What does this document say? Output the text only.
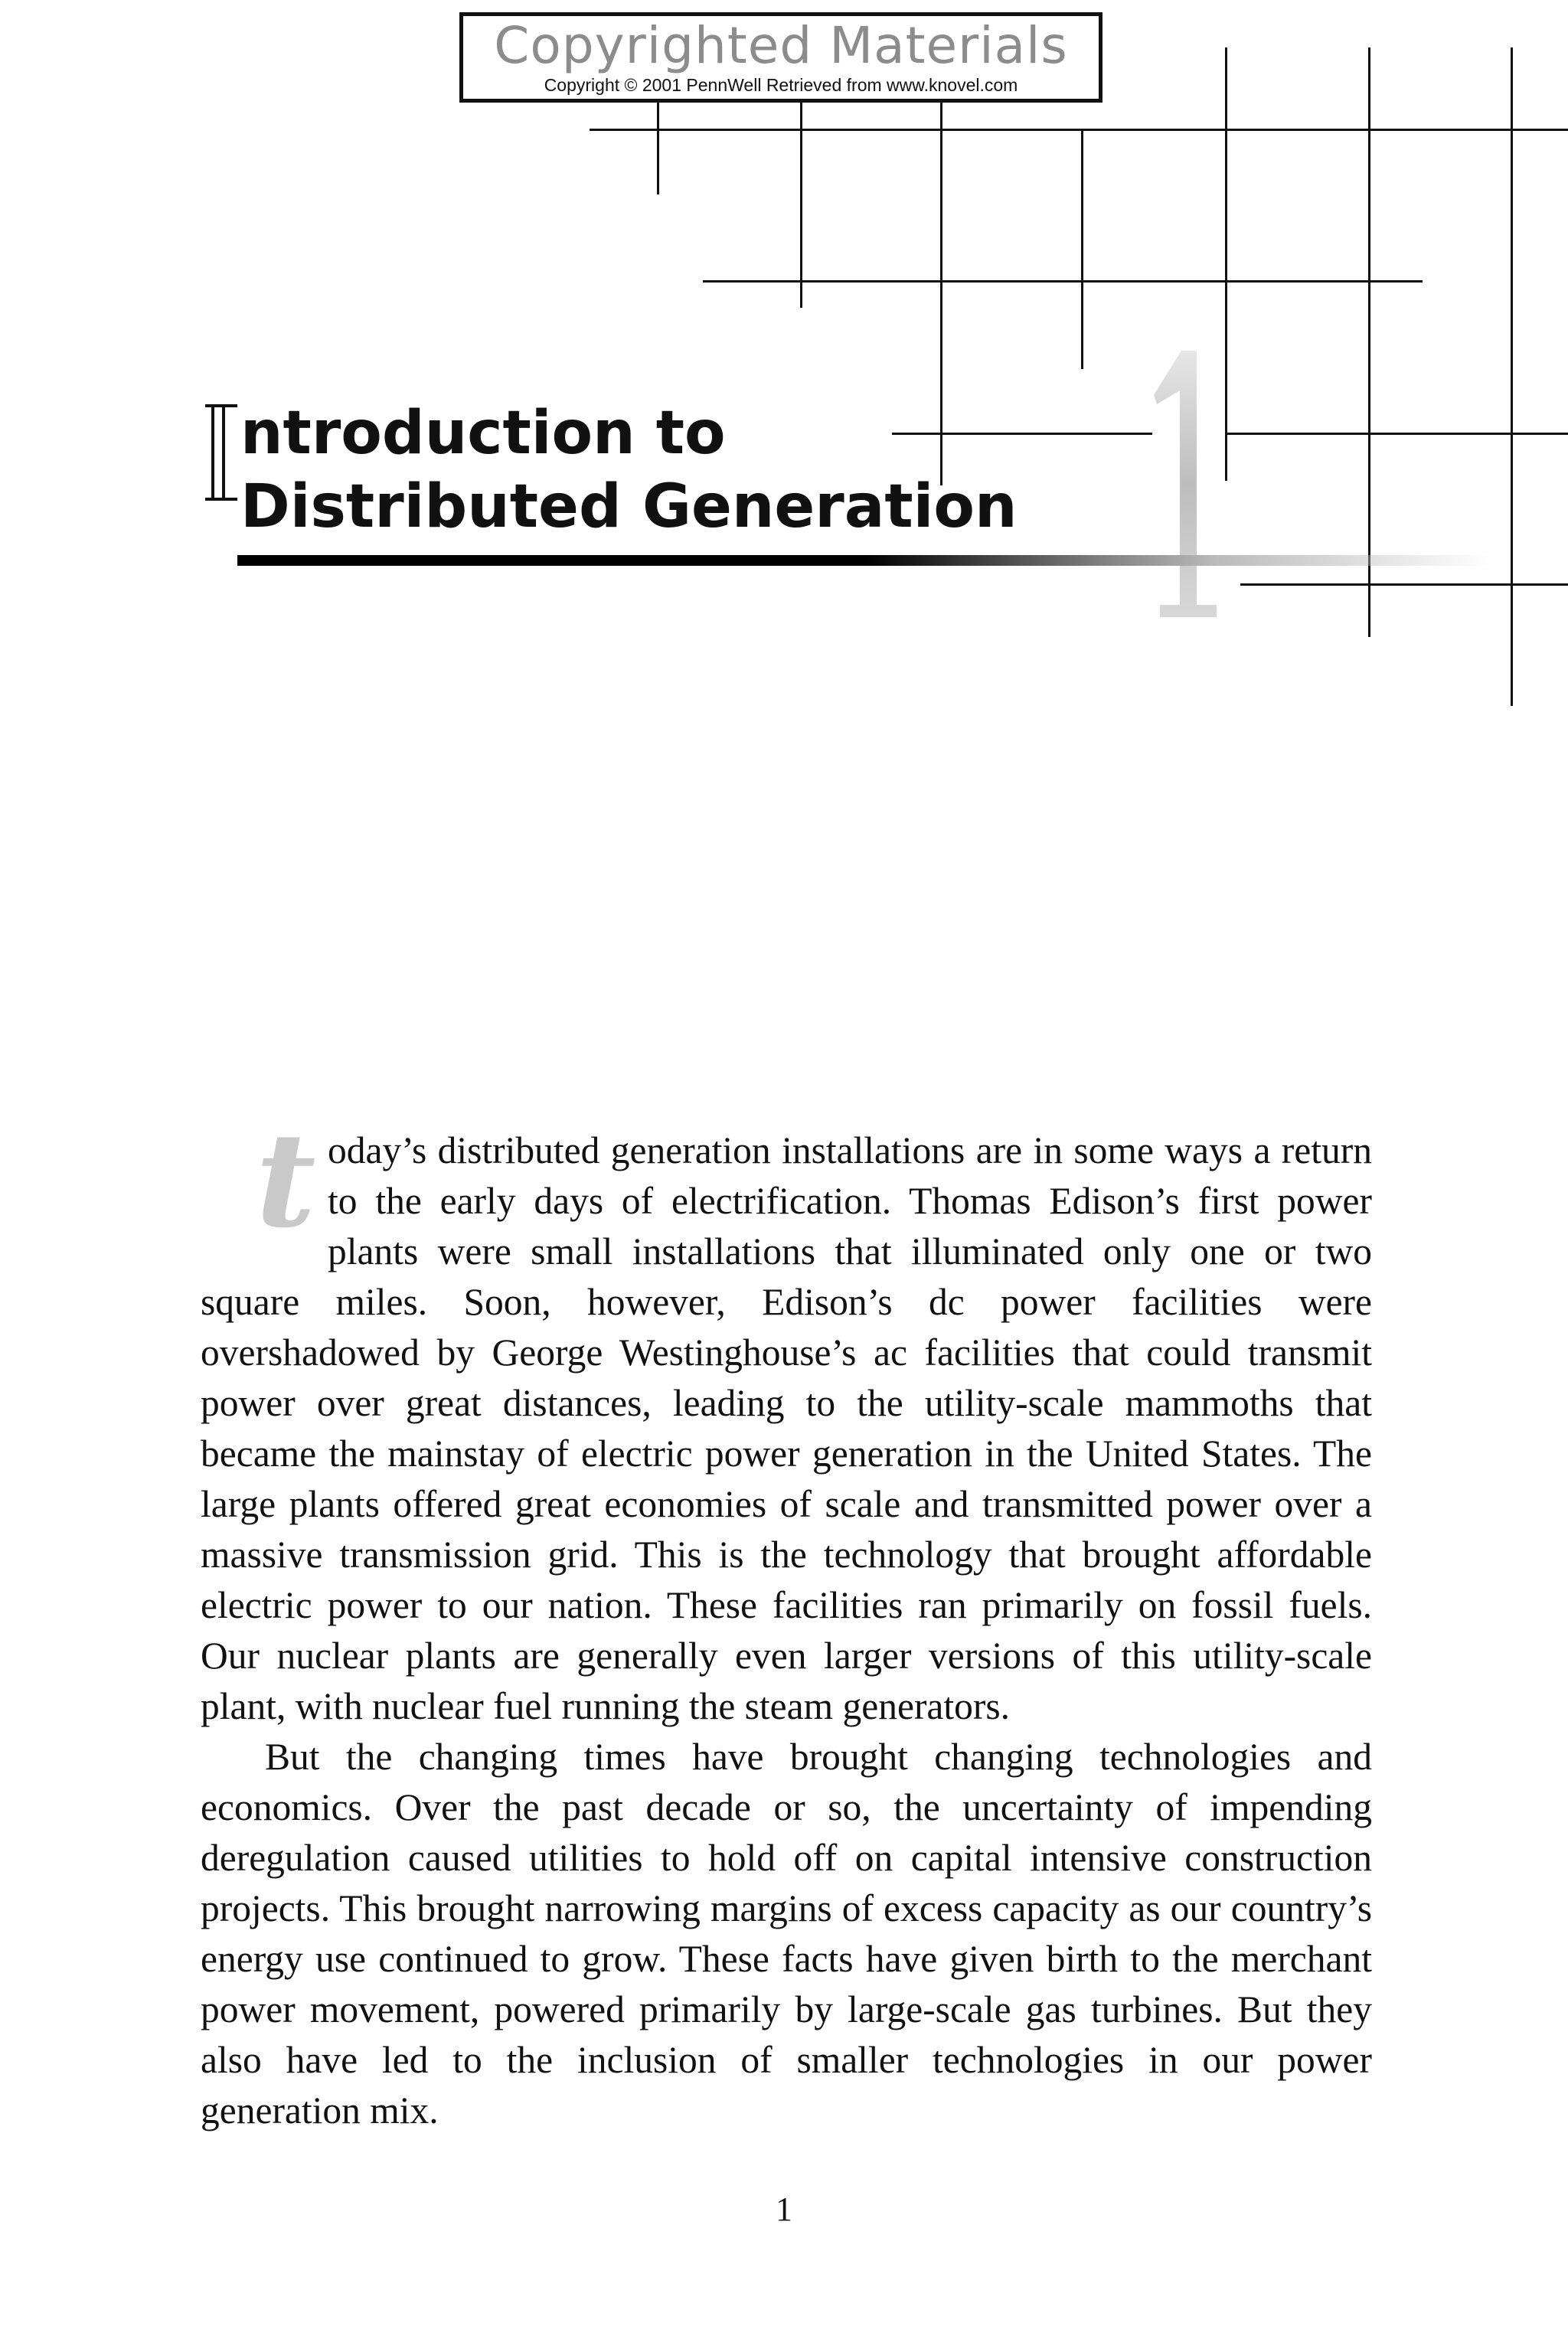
Copyrighted Materials
Copyright © 2001 PennWell Retrieved from www.knovel.com
ntroduction to
Distributed Generation

today’s distributed generation installations are in some ways a return to the early days of electrification. Thomas Edison’s first power plants were small installations that illuminated only one or two square miles. Soon, however, Edison’s dc power facilities were overshadowed by George Westinghouse’s ac facilities that could transmit power over great distances, leading to the utility-scale mammoths that became the mainstay of electric power generation in the United States. The large plants offered great economies of scale and transmitted power over a massive transmission grid. This is the technology that brought affordable electric power to our nation. These facilities ran primarily on fossil fuels. Our nuclear plants are generally even larger versions of this utility-scale plant, with nuclear fuel running the steam generators.

But the changing times have brought changing technologies and economics. Over the past decade or so, the uncertainty of impending deregulation caused utilities to hold off on capital intensive construction projects. This brought narrowing margins of excess capacity as our country’s energy use continued to grow. These facts have given birth to the merchant power movement, powered primarily by large-scale gas turbines. But they also have led to the inclusion of smaller technologies in our power generation mix.

1
